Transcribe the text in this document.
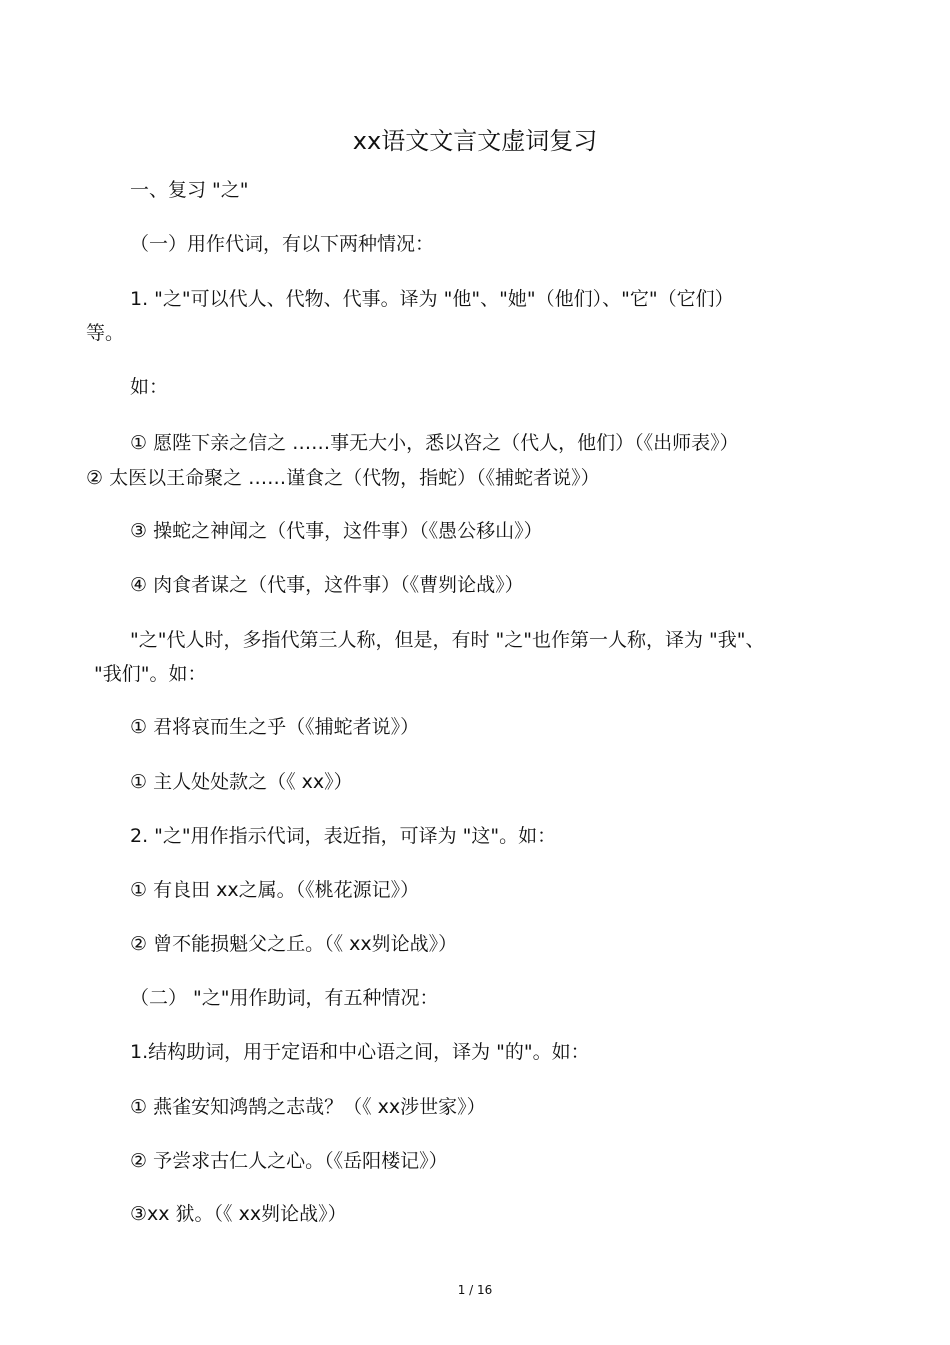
xx语文文言文虚词复习
一、复习 "之"
（一）用作代词，有以下两种情况：
1. "之"可以代人、代物、代事。译为 "他"、"她"（他们）、"它"（它们）
等。
如：
① 愿陛下亲之信之 ……事无大小，悉以咨之（代人，他们）（《出师表》）
② 太医以王命聚之 ……谨食之（代物，指蛇）（《捕蛇者说》）
③ 操蛇之神闻之（代事，这件事）（《愚公移山》）
④ 肉食者谋之（代事，这件事）（《曹刿论战》）
"之"代人时，多指代第三人称，但是，有时 "之"也作第一人称，译为 "我"、
"我们"。如：
① 君将哀而生之乎（《捕蛇者说》）
① 主人处处款之（《 xx》）
2. "之"用作指示代词，表近指，可译为 "这"。如：
① 有良田 xx之属。（《桃花源记》）
② 曾不能损魁父之丘。（《 xx刿论战》）
（二） "之"用作助词，有五种情况：
1.结构助词，用于定语和中心语之间，译为 "的"。如：
① 燕雀安知鸿鹄之志哉？（《 xx涉世家》）
② 予尝求古仁人之心。（《岳阳楼记》）
③xx 狱。（《 xx刿论战》）
1 / 16
